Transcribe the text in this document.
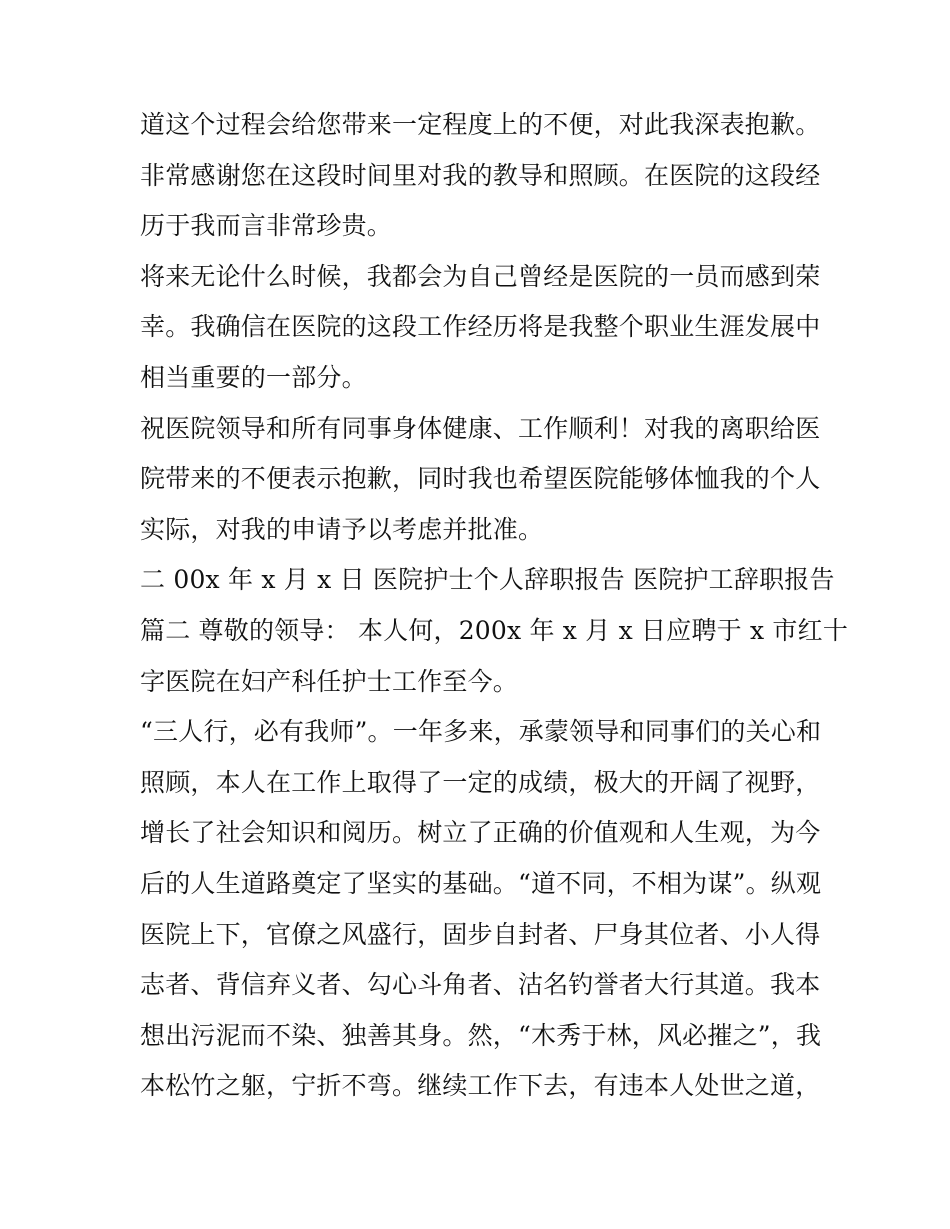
道这个过程会给您带来一定程度上的不便，对此我深表抱歉。
非常感谢您在这段时间里对我的教导和照顾。在医院的这段经
历于我而言非常珍贵。
将来无论什么时候，我都会为自己曾经是医院的一员而感到荣
幸。我确信在医院的这段工作经历将是我整个职业生涯发展中
相当重要的一部分。
祝医院领导和所有同事身体健康、工作顺利！对我的离职给医
院带来的不便表示抱歉，同时我也希望医院能够体恤我的个人
实际，对我的申请予以考虑并批准。
二 00x 年 x 月 x 日 医院护士个人辞职报告 医院护工辞职报告
篇二 尊敬的领导： 本人何，200x 年 x 月 x 日应聘于 x 市红十
字医院在妇产科任护士工作至今。
“三人行，必有我师”。一年多来，承蒙领导和同事们的关心和
照顾，本人在工作上取得了一定的成绩，极大的开阔了视野，
增长了社会知识和阅历。树立了正确的价值观和人生观，为今
后的人生道路奠定了坚实的基础。“道不同，不相为谋”。纵观
医院上下，官僚之风盛行，固步自封者、尸身其位者、小人得
志者、背信弃义者、勾心斗角者、沽名钓誉者大行其道。我本
想出污泥而不染、独善其身。然，“木秀于林，风必摧之”，我
本松竹之躯，宁折不弯。继续工作下去，有违本人处世之道，
